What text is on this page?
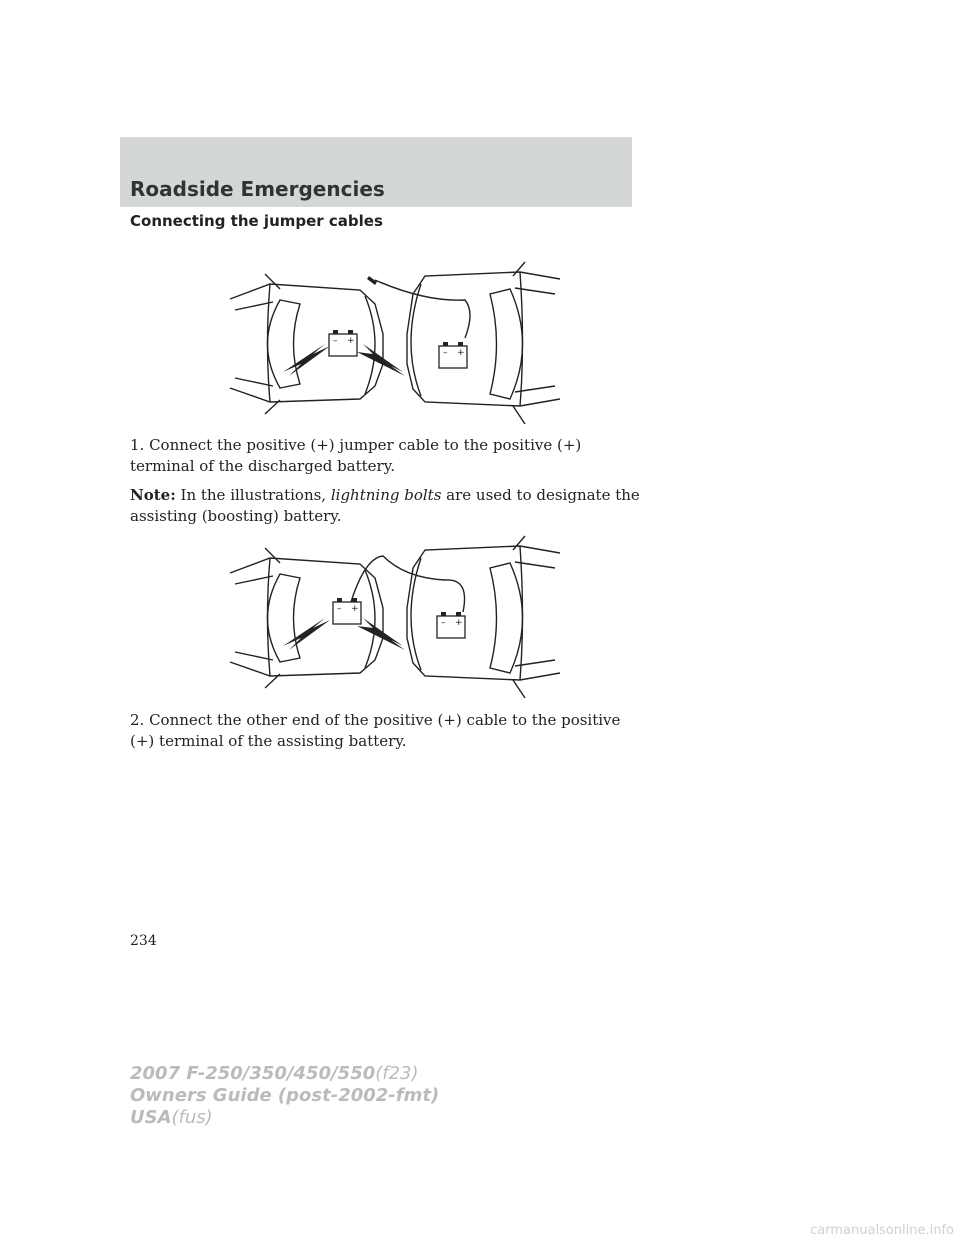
Roadside Emergencies
Connecting the jumper cables
– +
– +

1. Connect the positive (+) jumper cable to the positive (+) terminal of the discharged battery.

Note: In the illustrations, lightning bolts are used to designate the assisting (boosting) battery.

– +
– +

2. Connect the other end of the positive (+) cable to the positive (+) terminal of the assisting battery.

234

2007 F-250/350/450/550(f23)
Owners Guide (post-2002-fmt)
USA(fus)
carmanualsonline.info
